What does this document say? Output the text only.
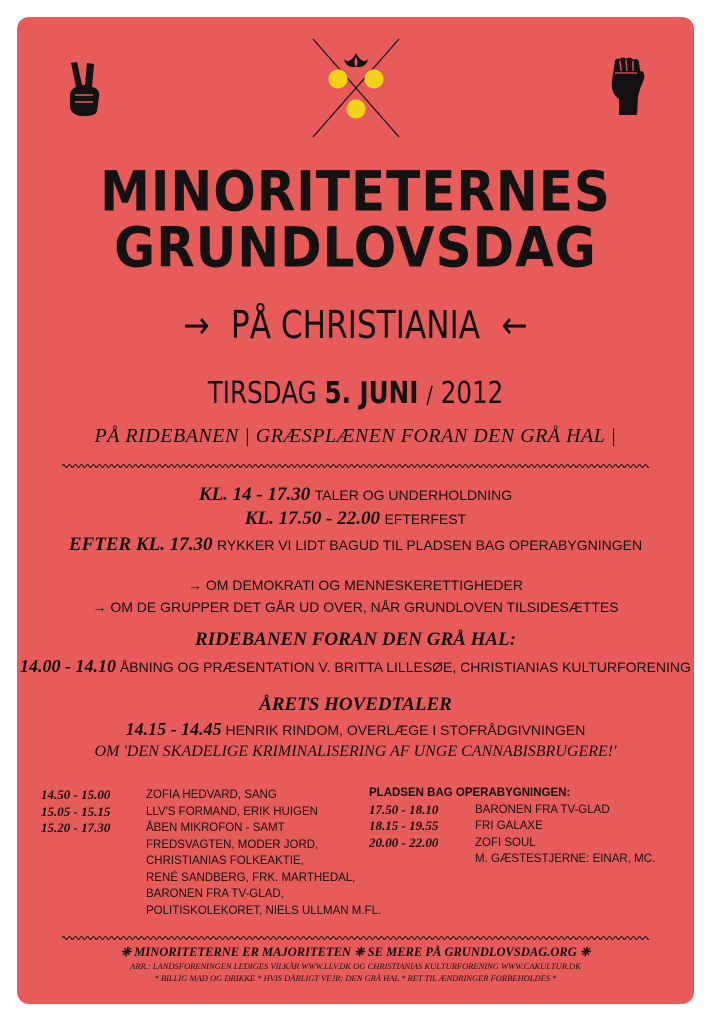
MINORITETERNES
GRUNDLOVSDAG
→ PÅ CHRISTIANIA ←
TIRSDAG 5. JUNI / 2012
PÅ RIDEBANEN | GRÆSPLÆNEN FORAN DEN GRÅ HAL |
KL. 14 - 17.30 TALER OG UNDERHOLDNING
KL. 17.50 - 22.00 EFTERFEST
EFTER KL. 17.30 RYKKER VI LIDT BAGUD TIL PLADSEN BAG OPERABYGNINGEN
→ OM DEMOKRATI OG MENNESKERETTIGHEDER
→ OM DE GRUPPER DET GÅR UD OVER, NÅR GRUNDLOVEN TILSIDESÆTTES
RIDEBANEN FORAN DEN GRÅ HAL:
14.00 - 14.10 ÅBNING OG PRÆSENTATION V. BRITTA LILLESØE, CHRISTIANIAS KULTURFORENING
ÅRETS HOVEDTALER
14.15 - 14.45 HENRIK RINDOM, OVERLÆGE I STOFRÅDGIVNINGEN
OM 'DEN SKADELIGE KRIMINALISERING AF UNGE CANNABISBRUGERE!'
14.50 - 15.00	ZOFIA HEDVARD, SANG
15.05 - 15.15	LLV'S FORMAND, ERIK HUIGEN
15.20 - 17.30	ÅBEN MIKROFON - SAMT
FREDSVAGTEN, MODER JORD,
CHRISTIANIAS FOLKEAKTIE,
RENÉ SANDBERG, FRK. MARTHEDAL,
BARONEN FRA TV-GLAD,
POLITISKOLEKORET, NIELS ULLMAN M.FL.
PLADSEN BAG OPERABYGNINGEN:
17.50 - 18.10	BARONEN FRA TV-GLAD
18.15 - 19.55	FRI GALAXE
20.00 - 22.00	ZOFI SOUL
M. GÆSTESTJERNE: EINAR, MC.
❈ MINORITETERNE ER MAJORITETEN ❈ SE MERE PÅ GRUNDLOVSDAG.ORG ❈
ARR.: LANDSFORENINGEN LEDIGES VILKÅR WWW.LLV.DK OG CHRISTIANIAS KULTURFORENING WWW.CAKULTUR.DK
* BILLIG MAD OG DRIKKE * HVIS DÅRLIGT VEJR: DEN GRÅ HAL * RET TIL ÆNDRINGER FORBEHOLDES *
